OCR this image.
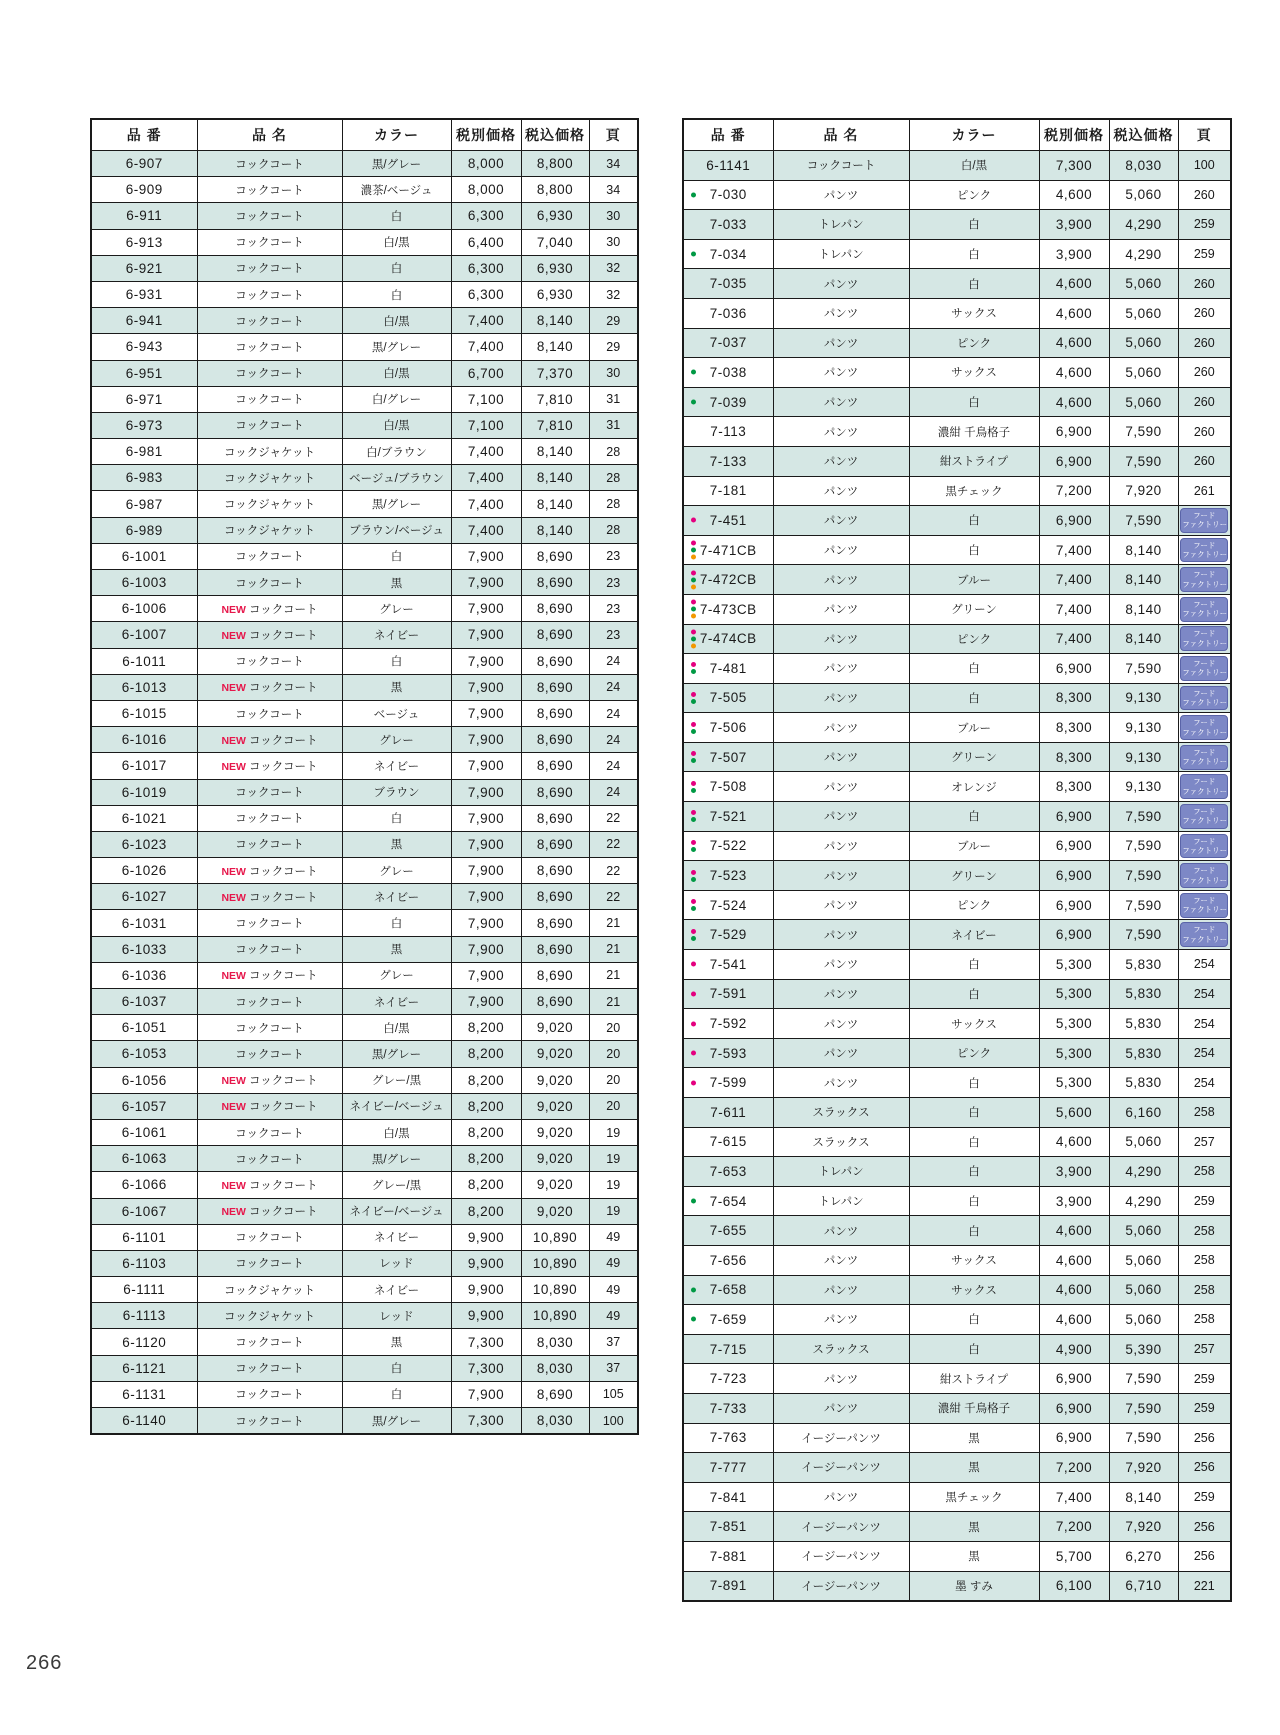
品 番	品 名	カラー	税別価格	税込価格	頁
6-907	コックコート	黒/グレー	8,000	8,800	34
6-909	コックコート	濃茶/ベージュ	8,000	8,800	34
6-911	コックコート	白	6,300	6,930	30
6-913	コックコート	白/黒	6,400	7,040	30
6-921	コックコート	白	6,300	6,930	32
6-931	コックコート	白	6,300	6,930	32
6-941	コックコート	白/黒	7,400	8,140	29
6-943	コックコート	黒/グレー	7,400	8,140	29
6-951	コックコート	白/黒	6,700	7,370	30
6-971	コックコート	白/グレー	7,100	7,810	31
6-973	コックコート	白/黒	7,100	7,810	31
6-981	コックジャケット	白/ブラウン	7,400	8,140	28
6-983	コックジャケット	ベージュ/ブラウン	7,400	8,140	28
6-987	コックジャケット	黒/グレー	7,400	8,140	28
6-989	コックジャケット	ブラウン/ベージュ	7,400	8,140	28
6-1001	コックコート	白	7,900	8,690	23
6-1003	コックコート	黒	7,900	8,690	23
6-1006	NEW コックコート	グレー	7,900	8,690	23
6-1007	NEW コックコート	ネイビー	7,900	8,690	23
6-1011	コックコート	白	7,900	8,690	24
6-1013	NEW コックコート	黒	7,900	8,690	24
6-1015	コックコート	ベージュ	7,900	8,690	24
6-1016	NEW コックコート	グレー	7,900	8,690	24
6-1017	NEW コックコート	ネイビー	7,900	8,690	24
6-1019	コックコート	ブラウン	7,900	8,690	24
6-1021	コックコート	白	7,900	8,690	22
6-1023	コックコート	黒	7,900	8,690	22
6-1026	NEW コックコート	グレー	7,900	8,690	22
6-1027	NEW コックコート	ネイビー	7,900	8,690	22
6-1031	コックコート	白	7,900	8,690	21
6-1033	コックコート	黒	7,900	8,690	21
6-1036	NEW コックコート	グレー	7,900	8,690	21
6-1037	コックコート	ネイビー	7,900	8,690	21
6-1051	コックコート	白/黒	8,200	9,020	20
6-1053	コックコート	黒/グレー	8,200	9,020	20
6-1056	NEW コックコート	グレー/黒	8,200	9,020	20
6-1057	NEW コックコート	ネイビー/ベージュ	8,200	9,020	20
6-1061	コックコート	白/黒	8,200	9,020	19
6-1063	コックコート	黒/グレー	8,200	9,020	19
6-1066	NEW コックコート	グレー/黒	8,200	9,020	19
6-1067	NEW コックコート	ネイビー/ベージュ	8,200	9,020	19
6-1101	コックコート	ネイビー	9,900	10,890	49
6-1103	コックコート	レッド	9,900	10,890	49
6-1111	コックジャケット	ネイビー	9,900	10,890	49
6-1113	コックジャケット	レッド	9,900	10,890	49
6-1120	コックコート	黒	7,300	8,030	37
6-1121	コックコート	白	7,300	8,030	37
6-1131	コックコート	白	7,900	8,690	105
6-1140	コックコート	黒/グレー	7,300	8,030	100
品 番	品 名	カラー	税別価格	税込価格	頁
6-1141	コックコート	白/黒	7,300	8,030	100

7-030	パンツ	ピンク	4,600	5,060	260
7-033	トレパン	白	3,900	4,290	259

7-034	トレパン	白	3,900	4,290	259
7-035	パンツ	白	4,600	5,060	260
7-036	パンツ	サックス	4,600	5,060	260
7-037	パンツ	ピンク	4,600	5,060	260

7-038	パンツ	サックス	4,600	5,060	260

7-039	パンツ	白	4,600	5,060	260
7-113	パンツ	濃紺 千鳥格子	6,900	7,590	260
7-133	パンツ	紺ストライプ	6,900	7,590	260
7-181	パンツ	黒チェック	7,200	7,920	261

7-451	パンツ	白	6,900	7,590	フード
ファクトリー

7-471CB	パンツ	白	7,400	8,140	フード
ファクトリー

7-472CB	パンツ	ブルー	7,400	8,140	フード
ファクトリー

7-473CB	パンツ	グリーン	7,400	8,140	フード
ファクトリー

7-474CB	パンツ	ピンク	7,400	8,140	フード
ファクトリー

7-481	パンツ	白	6,900	7,590	フード
ファクトリー

7-505	パンツ	白	8,300	9,130	フード
ファクトリー

7-506	パンツ	ブルー	8,300	9,130	フード
ファクトリー

7-507	パンツ	グリーン	8,300	9,130	フード
ファクトリー

7-508	パンツ	オレンジ	8,300	9,130	フード
ファクトリー

7-521	パンツ	白	6,900	7,590	フード
ファクトリー

7-522	パンツ	ブルー	6,900	7,590	フード
ファクトリー

7-523	パンツ	グリーン	6,900	7,590	フード
ファクトリー

7-524	パンツ	ピンク	6,900	7,590	フード
ファクトリー

7-529	パンツ	ネイビー	6,900	7,590	フード
ファクトリー

7-541	パンツ	白	5,300	5,830	254

7-591	パンツ	白	5,300	5,830	254

7-592	パンツ	サックス	5,300	5,830	254

7-593	パンツ	ピンク	5,300	5,830	254

7-599	パンツ	白	5,300	5,830	254
7-611	スラックス	白	5,600	6,160	258
7-615	スラックス	白	4,600	5,060	257
7-653	トレパン	白	3,900	4,290	258

7-654	トレパン	白	3,900	4,290	259
7-655	パンツ	白	4,600	5,060	258
7-656	パンツ	サックス	4,600	5,060	258

7-658	パンツ	サックス	4,600	5,060	258

7-659	パンツ	白	4,600	5,060	258
7-715	スラックス	白	4,900	5,390	257
7-723	パンツ	紺ストライプ	6,900	7,590	259
7-733	パンツ	濃紺 千鳥格子	6,900	7,590	259
7-763	イージーパンツ	黒	6,900	7,590	256
7-777	イージーパンツ	黒	7,200	7,920	256
7-841	パンツ	黒チェック	7,400	8,140	259
7-851	イージーパンツ	黒	7,200	7,920	256
7-881	イージーパンツ	黒	5,700	6,270	256
7-891	イージーパンツ	墨 すみ	6,100	6,710	221
266
